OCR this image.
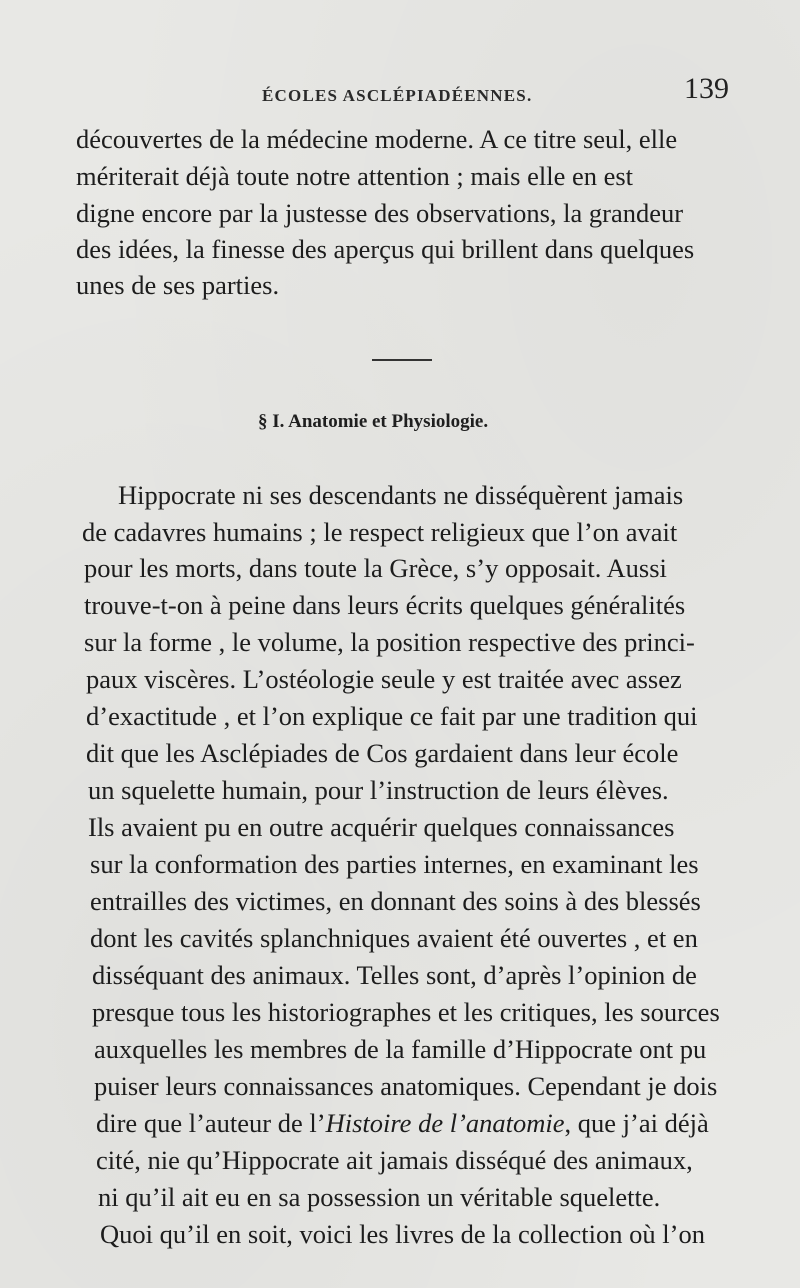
ÉCOLES ASCLÉPIADÉENNES.	139
découvertes de la médecine moderne. A ce titre seul, elle
mériterait déjà toute notre attention ; mais elle en est
digne encore par la justesse des observations, la grandeur
des idées, la finesse des aperçus qui brillent dans quelques
unes de ses parties.
§ I. Anatomie et Physiologie.
Hippocrate ni ses descendants ne disséquèrent jamais
de cadavres humains ; le respect religieux que l’on avait
pour les morts, dans toute la Grèce, s’y opposait. Aussi
trouve-t-on à peine dans leurs écrits quelques généralités
sur la forme , le volume, la position respective des princi-
paux viscères. L’ostéologie seule y est traitée avec assez
d’exactitude , et l’on explique ce fait par une tradition qui
dit que les Asclépiades de Cos gardaient dans leur école
un squelette humain, pour l’instruction de leurs élèves.
Ils avaient pu en outre acquérir quelques connaissances
sur la conformation des parties internes, en examinant les
entrailles des victimes, en donnant des soins à des blessés
dont les cavités splanchniques avaient été ouvertes , et en
disséquant des animaux. Telles sont, d’après l’opinion de
presque tous les historiographes et les critiques, les sources
auxquelles les membres de la famille d’Hippocrate ont pu
puiser leurs connaissances anatomiques. Cependant je dois
dire que l’auteur de l’Histoire de l’anatomie, que j’ai déjà
cité, nie qu’Hippocrate ait jamais disséqué des animaux,
ni qu’il ait eu en sa possession un véritable squelette.
Quoi qu’il en soit, voici les livres de la collection où l’on
